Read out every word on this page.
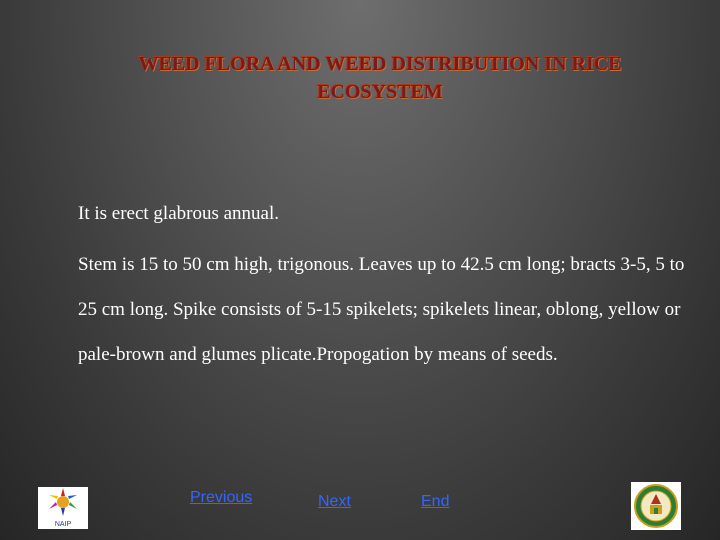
WEED FLORA AND WEED DISTRIBUTION IN RICE
ECOSYSTEM

It is erect glabrous annual.

Stem is 15 to 50 cm high, trigonous. Leaves up to 42.5 cm long; bracts 3-5, 5 to 25 cm long. Spike consists of 5-15 spikelets; spikelets linear, oblong, yellow or pale-brown and glumes plicate.Propogation by means of seeds.

NAIP
Previous	Next	End
